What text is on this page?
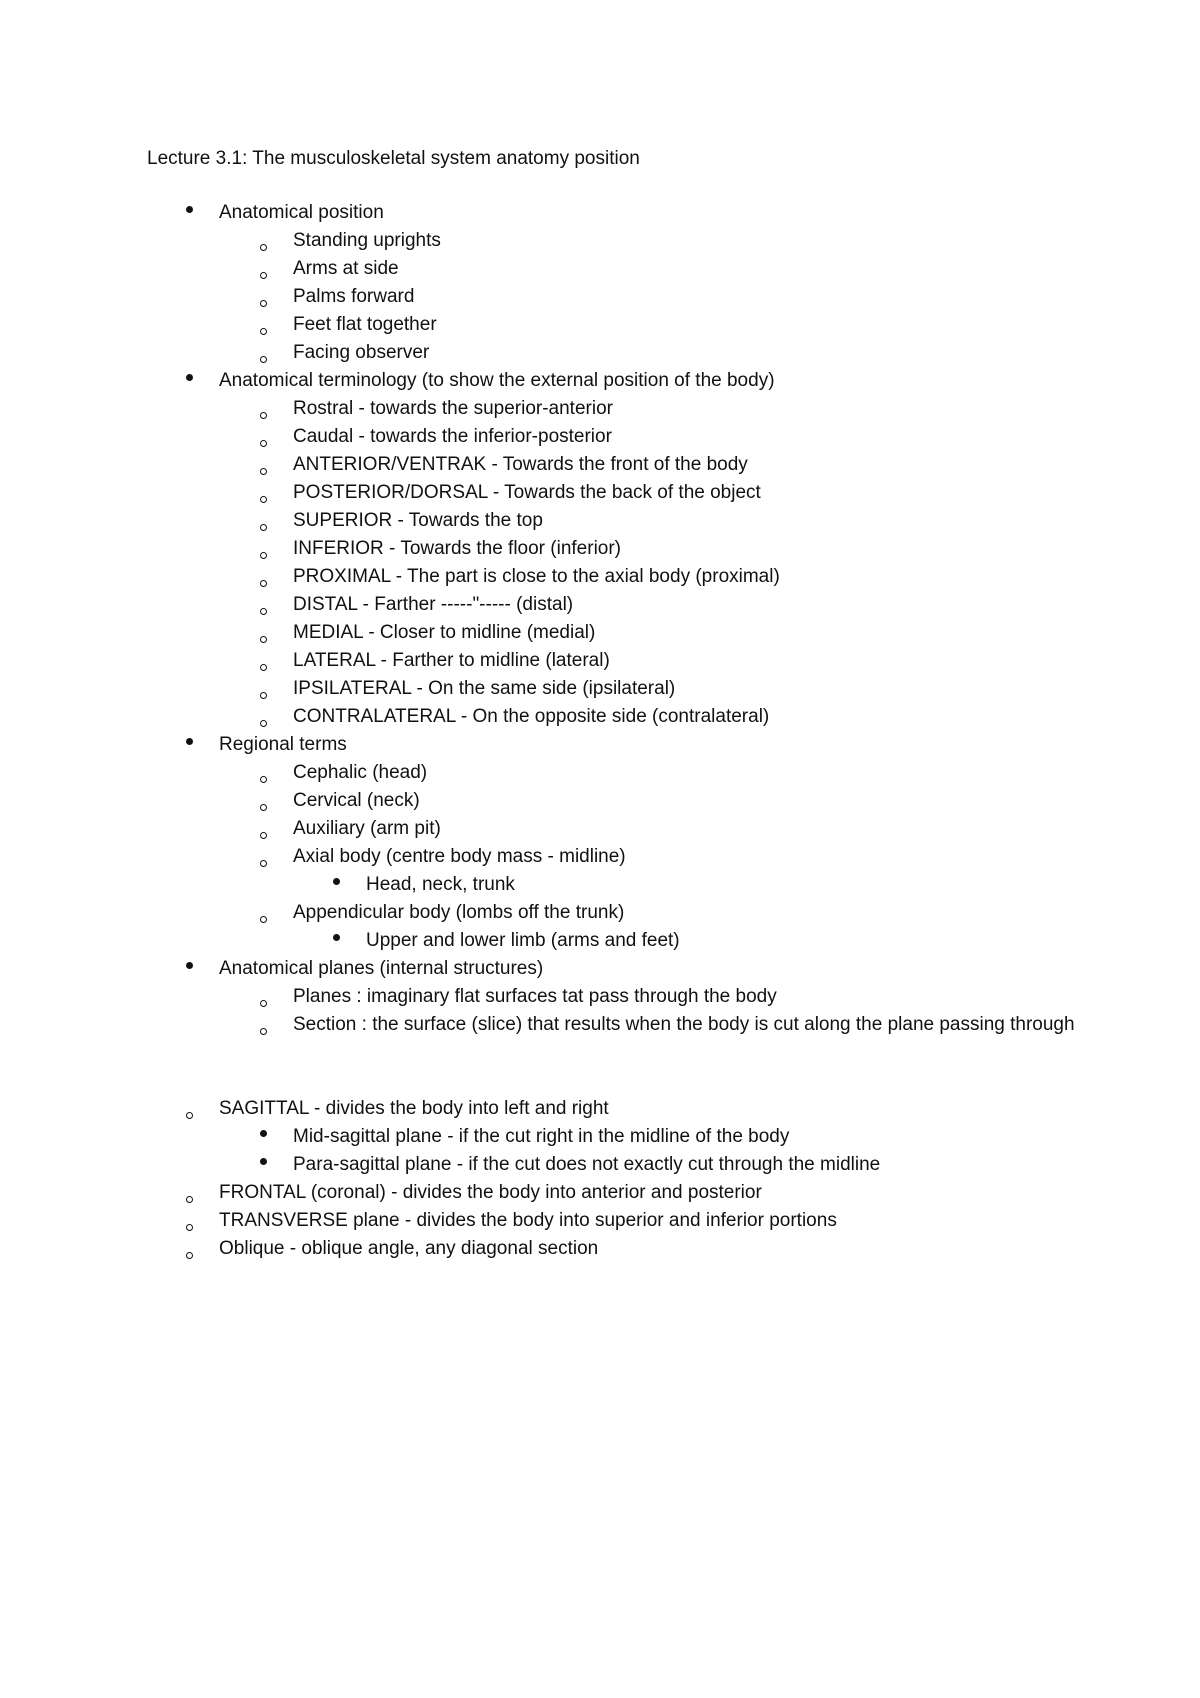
Lecture 3.1: The musculoskeletal system anatomy position
Anatomical position
Standing uprights
Arms at side
Palms forward
Feet flat together
Facing observer
Anatomical terminology (to show the external position of the body)
Rostral - towards the superior-anterior
Caudal - towards the inferior-posterior
ANTERIOR/VENTRAK - Towards the front of the body
POSTERIOR/DORSAL - Towards the back of the object
SUPERIOR - Towards the top
INFERIOR - Towards the floor (inferior)
PROXIMAL - The part is close to the axial body (proximal)
DISTAL - Farther -----"----- (distal)
MEDIAL - Closer to midline (medial)
LATERAL - Farther to midline (lateral)
IPSILATERAL - On the same side (ipsilateral)
CONTRALATERAL - On the opposite side (contralateral)
Regional terms
Cephalic (head)
Cervical (neck)
Auxiliary (arm pit)
Axial body (centre body mass - midline)
Head, neck, trunk
Appendicular body (lombs off the trunk)
Upper and lower limb (arms and feet)
Anatomical planes (internal structures)
Planes : imaginary flat surfaces tat pass through the body
Section : the surface (slice) that results when the body is cut along the plane passing through
SAGITTAL - divides the body into left and right
Mid-sagittal plane - if the cut right in the midline of the body
Para-sagittal plane - if the cut does not exactly cut through the midline
FRONTAL (coronal) - divides the body into anterior and posterior
TRANSVERSE plane - divides the body into superior and inferior portions
Oblique - oblique angle, any diagonal section
